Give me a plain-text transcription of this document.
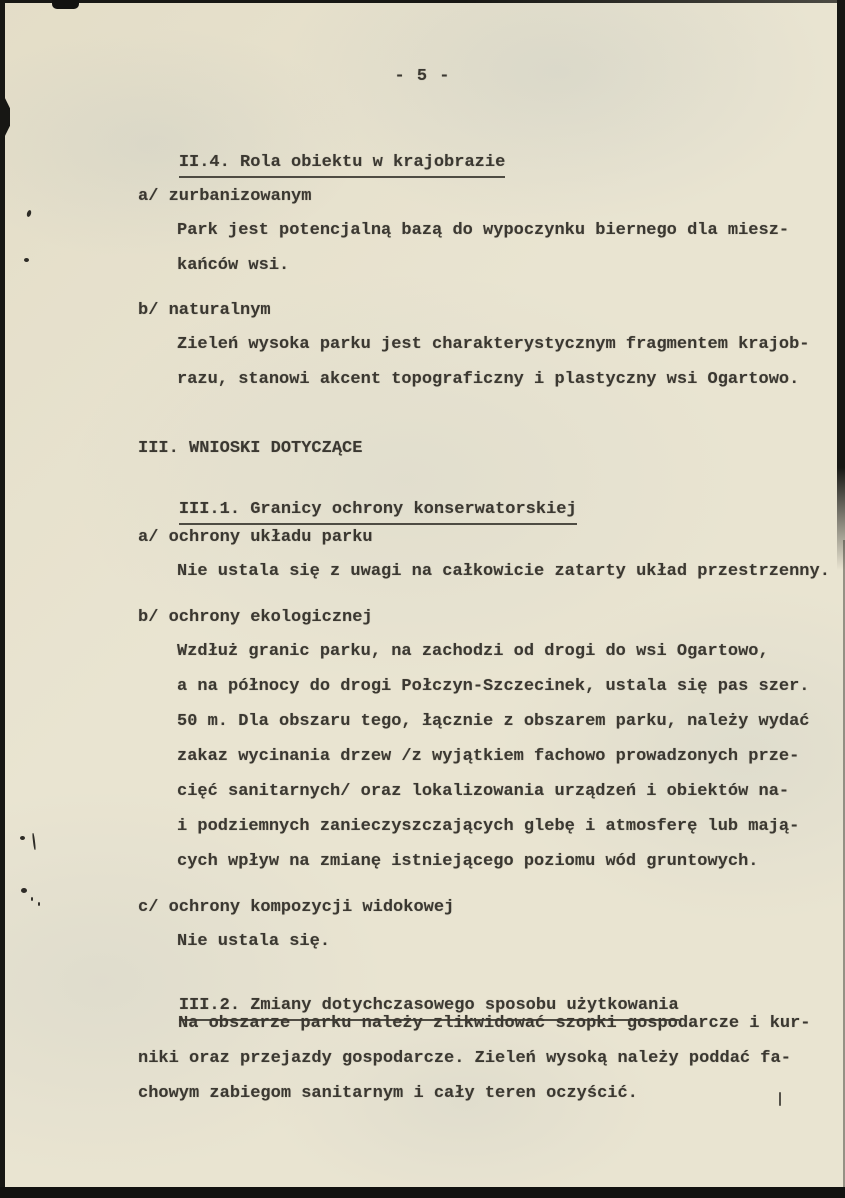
- 5 -

II.4. Rola obiektu w krajobrazie

a/ zurbanizowanym
Park jest potencjalną bazą do wypoczynku biernego dla miesz-
kańców wsi.
b/ naturalnym
Zieleń wysoka parku jest charakterystycznym fragmentem krajob-
razu, stanowi akcent topograficzny i plastyczny wsi Ogartowo.
III. WNIOSKI DOTYCZĄCE

III.1. Granicy ochrony konserwatorskiej

a/ ochrony układu parku
Nie ustala się z uwagi na całkowicie zatarty układ przestrzenny.
b/ ochrony ekologicznej
Wzdłuż granic parku, na zachodzi od drogi do wsi Ogartowo,
a na północy do drogi Połczyn-Szczecinek, ustala się pas szer.
50 m. Dla obszaru tego, łącznie z obszarem parku, należy wydać
zakaz wycinania drzew /z wyjątkiem fachowo prowadzonych prze-
cięć sanitarnych/ oraz lokalizowania urządzeń i obiektów na-
i podziemnych zanieczyszczających glebę i atmosferę lub mają-
cych wpływ na zmianę istniejącego poziomu wód gruntowych.
c/ ochrony kompozycji widokowej
Nie ustala się.

III.2. Zmiany dotychczasowego sposobu użytkowania

Na obszarze parku należy zlikwidować szopki gospodarcze i kur-
niki oraz przejazdy gospodarcze. Zieleń wysoką należy poddać fa-
chowym zabiegom sanitarnym i cały teren oczyścić.
